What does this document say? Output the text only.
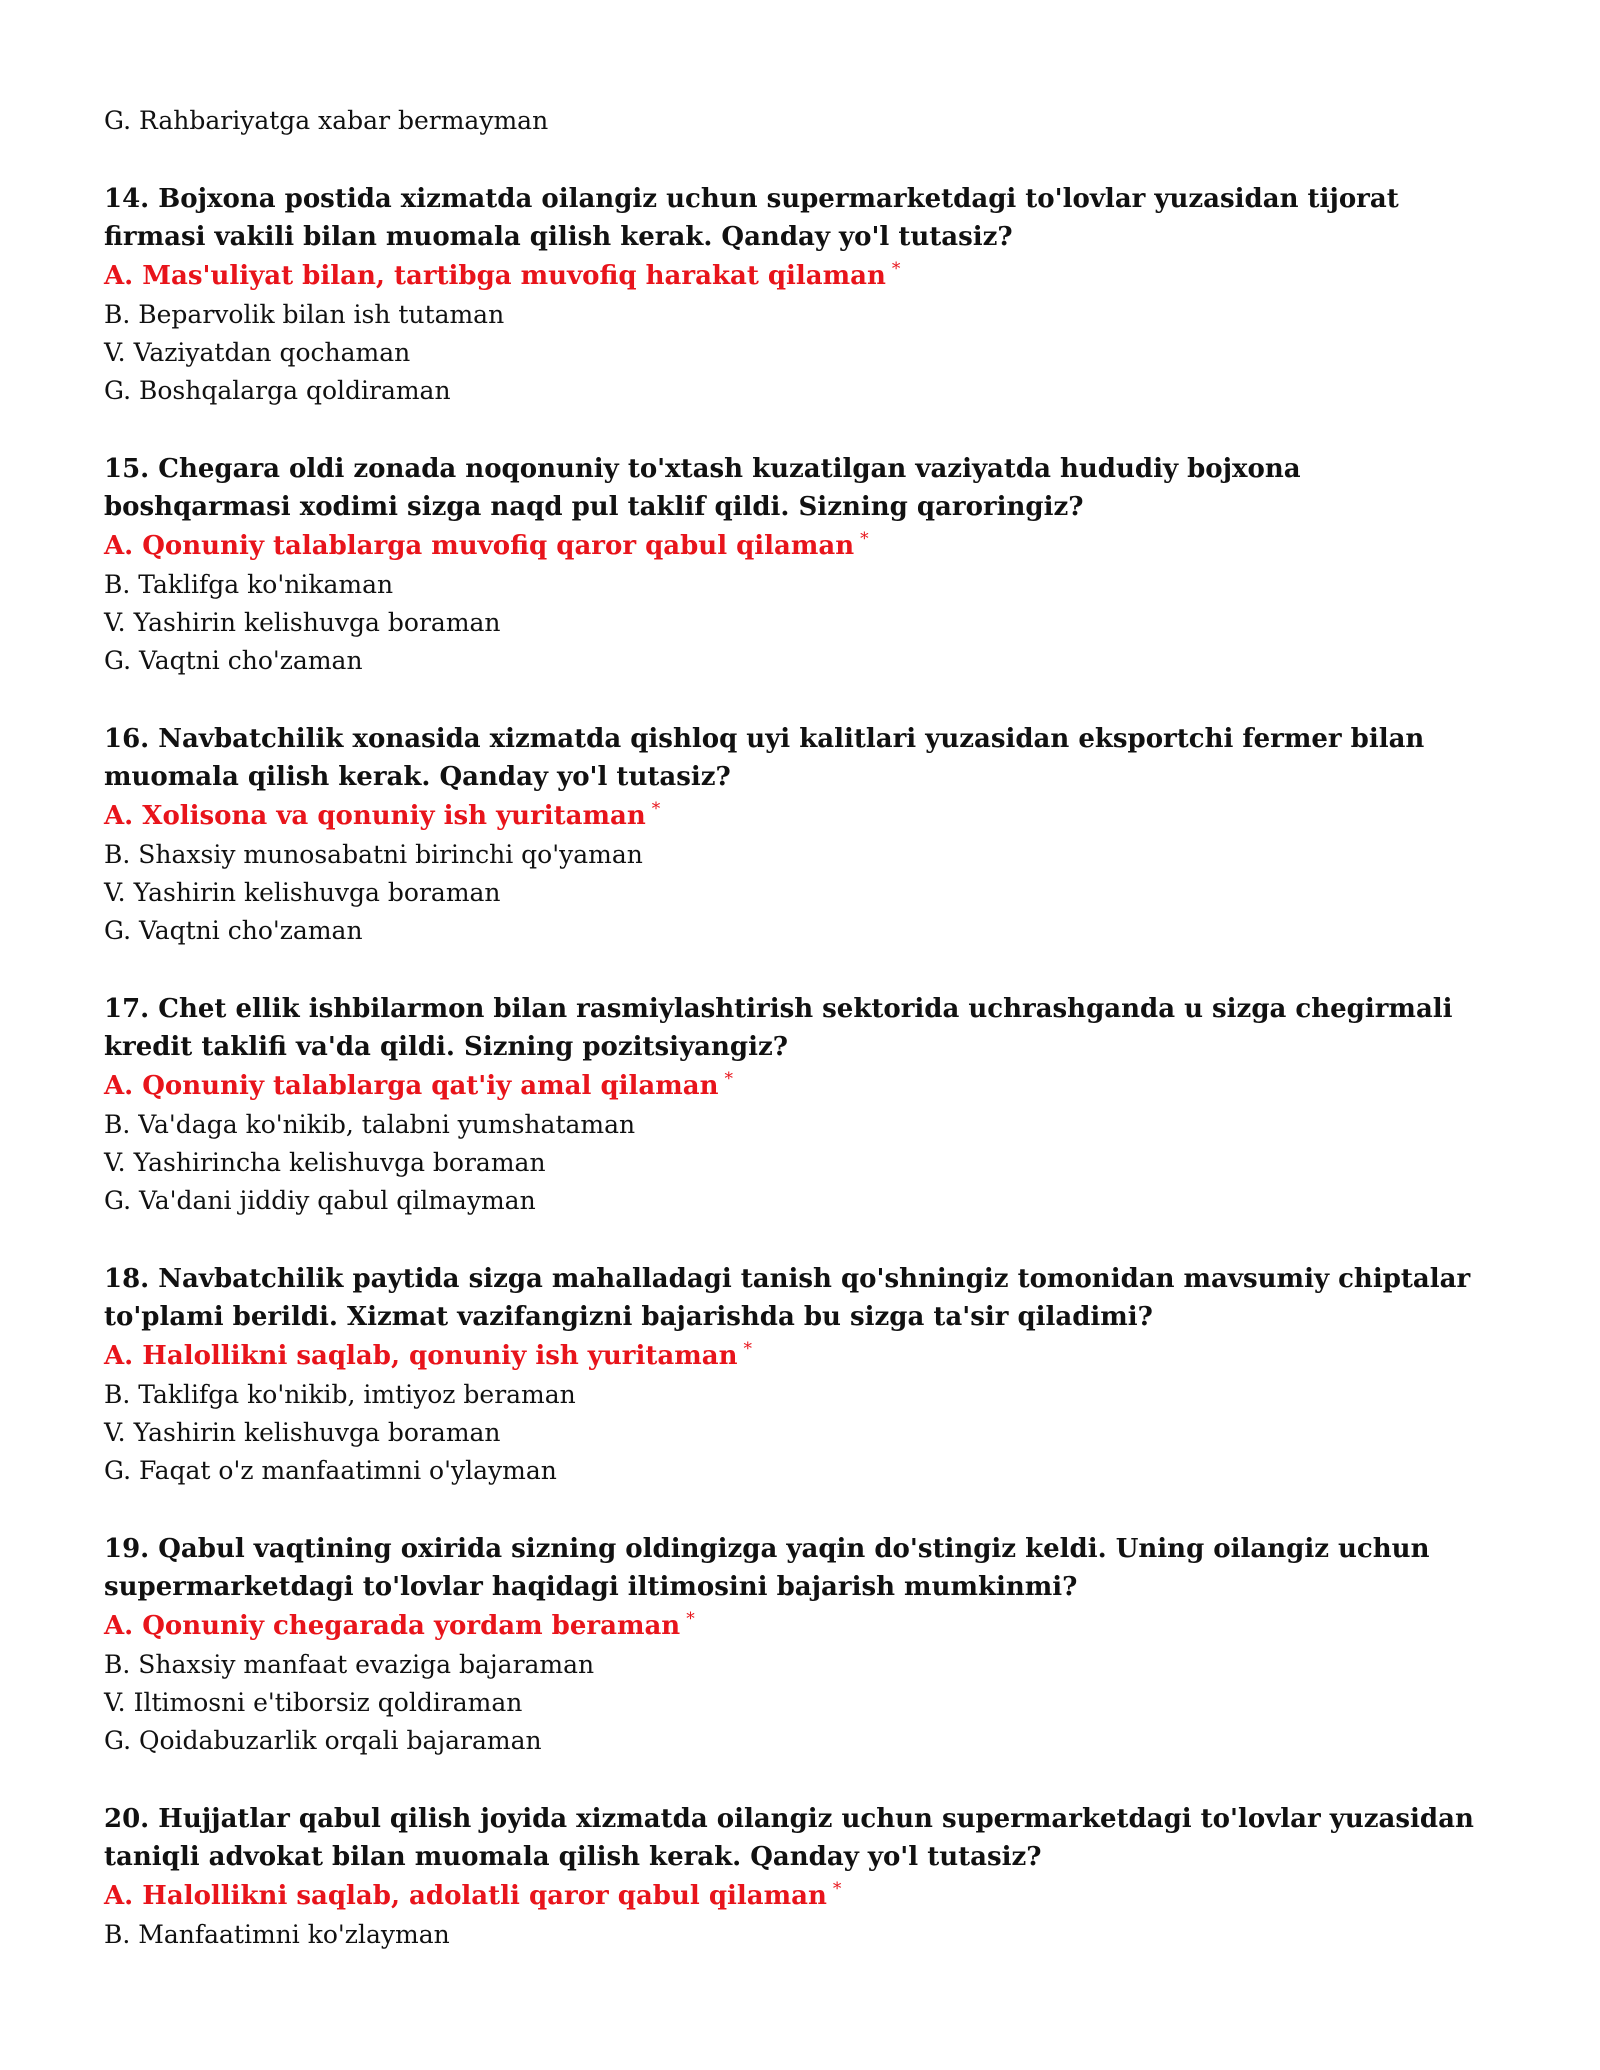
G. Rahbariyatga xabar bermayman
14. Bojxona postida xizmatda oilangiz uchun supermarketdagi to'lovlar yuzasidan tijorat firmasi vakili bilan muomala qilish kerak. Qanday yo'l tutasiz?
A. Mas'uliyat bilan, tartibga muvofiq harakat qilaman *
B. Beparvolik bilan ish tutaman
V. Vaziyatdan qochaman
G. Boshqalarga qoldiraman
15. Chegara oldi zonada noqonuniy to'xtash kuzatilgan vaziyatda hududiy bojxona boshqarmasi xodimi sizga naqd pul taklif qildi. Sizning qaroringiz?
A. Qonuniy talablarga muvofiq qaror qabul qilaman *
B. Taklifga ko'nikaman
V. Yashirin kelishuvga boraman
G. Vaqtni cho'zaman
16. Navbatchilik xonasida xizmatda qishloq uyi kalitlari yuzasidan eksportchi fermer bilan muomala qilish kerak. Qanday yo'l tutasiz?
A. Xolisona va qonuniy ish yuritaman *
B. Shaxsiy munosabatni birinchi qo'yaman
V. Yashirin kelishuvga boraman
G. Vaqtni cho'zaman
17. Chet ellik ishbilarmon bilan rasmiylashtirish sektorida uchrashganda u sizga chegirmali kredit taklifi va'da qildi. Sizning pozitsiyangiz?
A. Qonuniy talablarga qat'iy amal qilaman *
B. Va'daga ko'nikib, talabni yumshataman
V. Yashirincha kelishuvga boraman
G. Va'dani jiddiy qabul qilmayman
18. Navbatchilik paytida sizga mahalladagi tanish qo'shningiz tomonidan mavsumiy chiptalar to'plami berildi. Xizmat vazifangizni bajarishda bu sizga ta'sir qiladimi?
A. Halollikni saqlab, qonuniy ish yuritaman *
B. Taklifga ko'nikib, imtiyoz beraman
V. Yashirin kelishuvga boraman
G. Faqat o'z manfaatimni o'ylayman
19. Qabul vaqtining oxirida sizning oldingizga yaqin do'stingiz keldi. Uning oilangiz uchun supermarketdagi to'lovlar haqidagi iltimosini bajarish mumkinmi?
A. Qonuniy chegarada yordam beraman *
B. Shaxsiy manfaat evaziga bajaraman
V. Iltimosni e'tiborsiz qoldiraman
G. Qoidabuzarlik orqali bajaraman
20. Hujjatlar qabul qilish joyida xizmatda oilangiz uchun supermarketdagi to'lovlar yuzasidan taniqli advokat bilan muomala qilish kerak. Qanday yo'l tutasiz?
A. Halollikni saqlab, adolatli qaror qabul qilaman *
B. Manfaatimni ko'zlayman
